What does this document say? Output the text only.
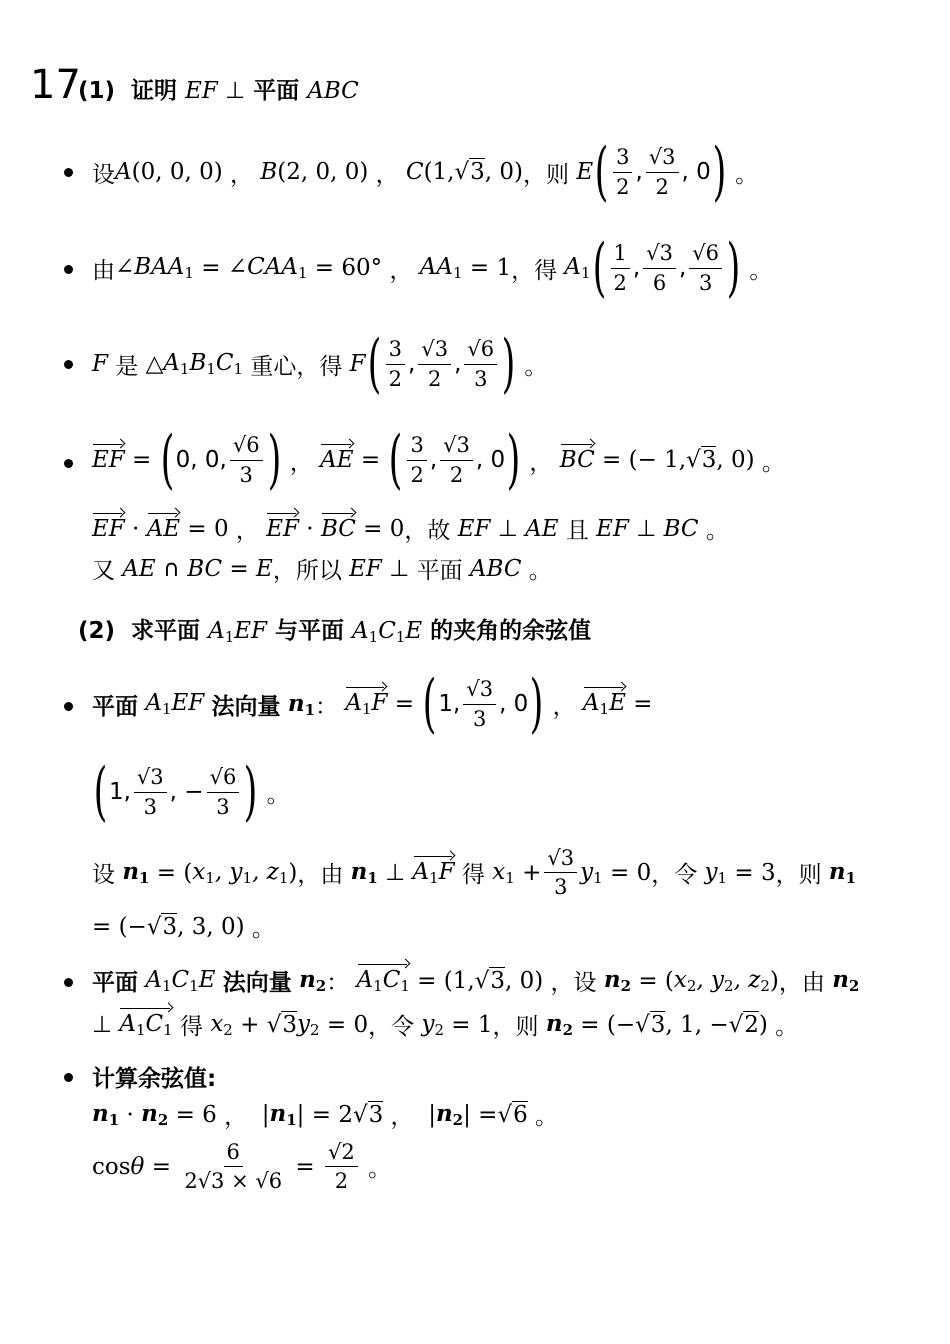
17
(1) 证明 EF ⊥ 平面 ABC
设 A (0, 0, 0) ， B (2, 0, 0) ， C (1, √3 , 0) ，则 E ( $\frac{3}{2}$ , $\frac{√3}{2}$ , 0 ) 。
由 $\angle BAA_1$ = $\angle CAA_1 = 60^\circ$ ， $AA_1 = 1$ ，得 $A_1$ ( $\frac{1}{2}$ , $\frac{√3}{6}$ , $\frac{√6}{3}$ ) 。
F 是 △ $A_1B_1C_1$
重心，得 F ( $\frac{3}{2}$ , $\frac{√3}{2}$ , $\frac{√6}{3}$ ) 。
EF = ( 0, 0, $\frac{√6}{3}$ ) ， AE = ( $\frac{3}{2}$ , $\frac{√3}{2}$ , 0 ) ， BC = (− 1, √3 , 0) 。
EF · AE = 0 ， EF · BC = 0 ，故 EF ⊥ AE
且
EF ⊥ BC 。
又
AE ∩ BC = E ，所以
EF ⊥ 平面
ABC 。
(2) 求平面 $A_1EF$ 与平面 $A_1C_1E$ 的夹角的余弦值
平面
$A_1EF$
法向量
$n_1$ ： $A_1F$ = ( 1, $\frac{√3}{3}$ , 0 ) ， $A_1E$ =
( 1, $\frac{√3}{3}$ , − $\frac{√6}{3}$ ) 。
设
$n_1$ = ( $x_1$, $y_1$, $z_1$ ) ，由
$n_1$ ⊥ $A_1F$
得
$x_1 + \frac{√3}{3} y_1 = 0$ ，令
$y_1 = 3$ ，则
$n_1$
= (− √3 , 3, 0) 。
平面
$A_1C_1E$
法向量
$n_2$ ： $A_1C_1 = (1$, √3 , 0) ， 设
$n_2$ = ( $x_2$, $y_2$, $z_2$ ) ，由
$n_2$
⊥ $A_1C_1$
得
$x_2 + √3$ $y_2 = 0$ ，令
$y_2 = 1$ ，则
$n_2$ = (− √3 , 1, − √2 ) 。
计算余弦值:
$n_1 \cdot n_2 = 6$ ， | $n_1$ | = 2 √3 ， | $n_2$ | = √6 。
$\cos \theta = \frac{6}{2√3 \times √6} = \frac{√2}{2}$ 。
